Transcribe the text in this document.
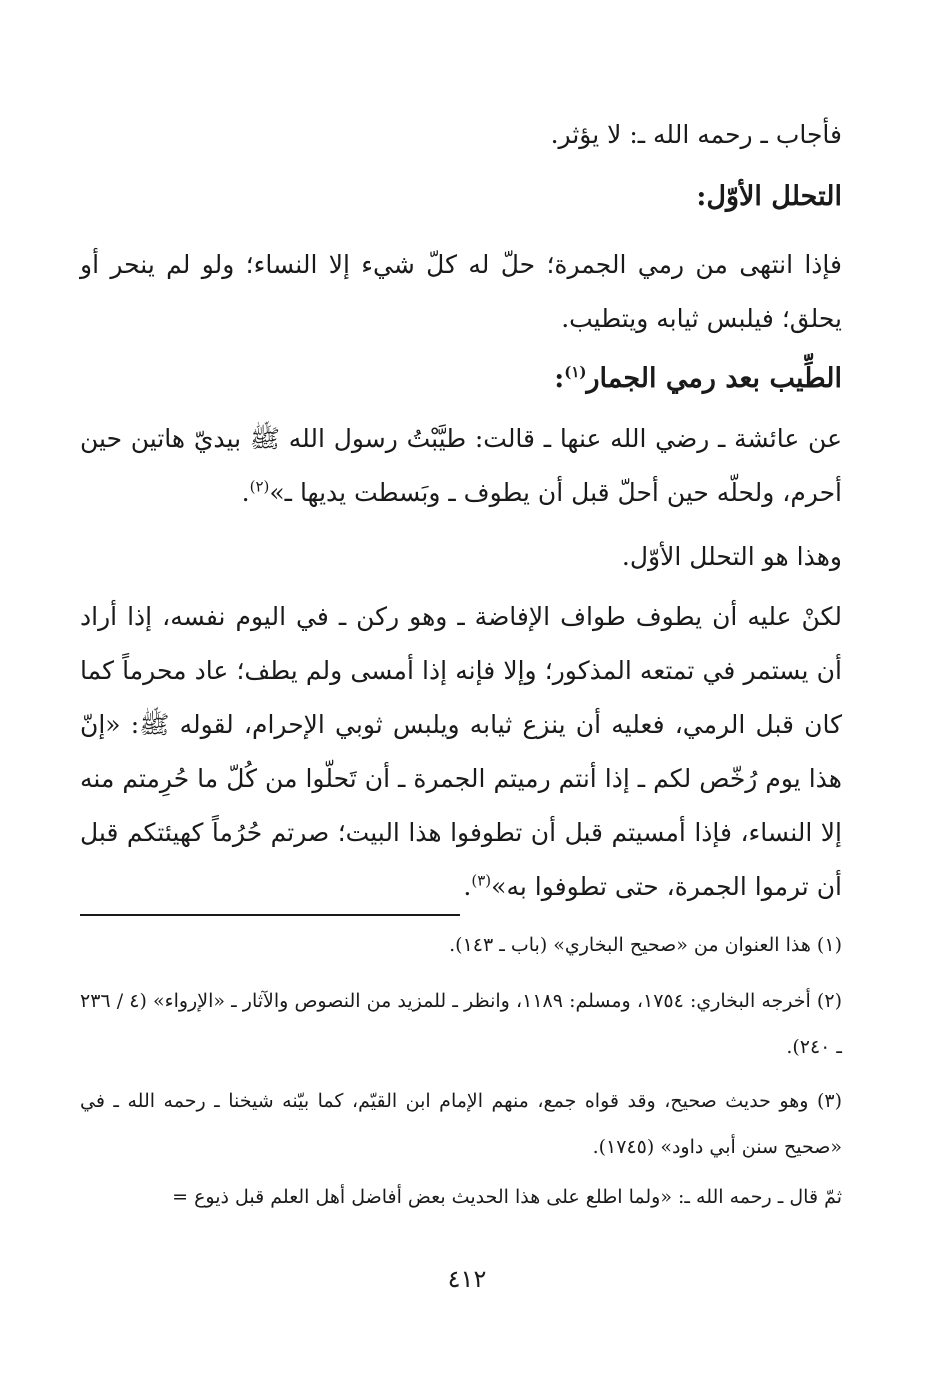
فأجاب ـ رحمه الله ـ: لا يؤثر.

التحلل الأوّل:

فإذا انتهى من رمي الجمرة؛ حلّ له كلّ شيء إلا النساء؛ ولو لم ينحر أو يحلق؛ فيلبس ثيابه ويتطيب.

الطِّيب بعد رمي الجمار$^{(١)}$:

عن عائشة ـ رضي الله عنها ـ قالت: طيَّبْتُ رسول الله ﷺ بيديّ هاتين حين أحرم، ولحلّه حين أحلّ قبل أن يطوف ـ وبَسطت يديها ـ»$^{(٢)}$.

وهذا هو التحلل الأوّل.

لكنْ عليه أن يطوف طواف الإفاضة ـ وهو ركن ـ في اليوم نفسه، إذا أراد أن يستمر في تمتعه المذكور؛ وإلا فإنه إذا أمسى ولم يطف؛ عاد محرماً كما كان قبل الرمي، فعليه أن ينزع ثيابه ويلبس ثوبي الإحرام، لقوله ﷺ: «إنّ هذا يوم رُخّص لكم ـ إذا أنتم رميتم الجمرة ـ أن تَحلّوا من كُلّ ما حُرِمتم منه إلا النساء، فإذا أمسيتم قبل أن تطوفوا هذا البيت؛ صرتم حُرُماً كهيئتكم قبل أن ترموا الجمرة، حتى تطوفوا به»$^{(٣)}$.

(١) هذا العنوان من «صحيح البخاري» (باب ـ ١٤٣).

(٢) أخرجه البخاري: ١٧٥٤، ومسلم: ١١٨٩، وانظر ـ للمزيد من النصوص والآثار ـ «الإرواء» (٤ / ٢٣٦ ـ ٢٤٠).

(٣) وهو حديث صحيح، وقد قواه جمع، منهم الإمام ابن القيّم، كما بيّنه شيخنا ـ رحمه الله ـ في «صحيح سنن أبي داود» (١٧٤٥).

ثمّ قال ـ رحمه الله ـ: «ولما اطلع على هذا الحديث بعض أفاضل أهل العلم قبل ذيوع =

٤١٢
